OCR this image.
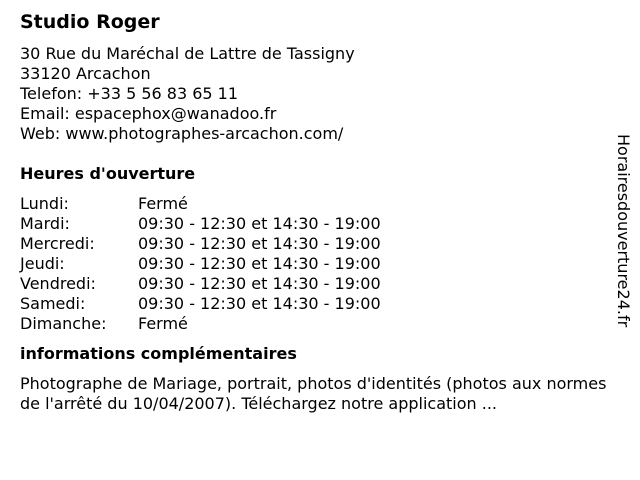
Studio Roger
30 Rue du Maréchal de Lattre de Tassigny
33120 Arcachon
Telefon: +33 5 56 83 65 11
Email: espacephox@wanadoo.fr
Web: www.photographes-arcachon.com/
Heures d'ouverture
Lundi:	Fermé
Mardi:	09:30 - 12:30 et 14:30 - 19:00
Mercredi:	09:30 - 12:30 et 14:30 - 19:00
Jeudi:	09:30 - 12:30 et 14:30 - 19:00
Vendredi:	09:30 - 12:30 et 14:30 - 19:00
Samedi:	09:30 - 12:30 et 14:30 - 19:00
Dimanche:	Fermé
informations complémentaires
Photographe de Mariage, portrait, photos d'identités (photos aux normes de l'arrêté du 10/04/2007). Téléchargez notre application ...
Horairesdouverture24.fr
